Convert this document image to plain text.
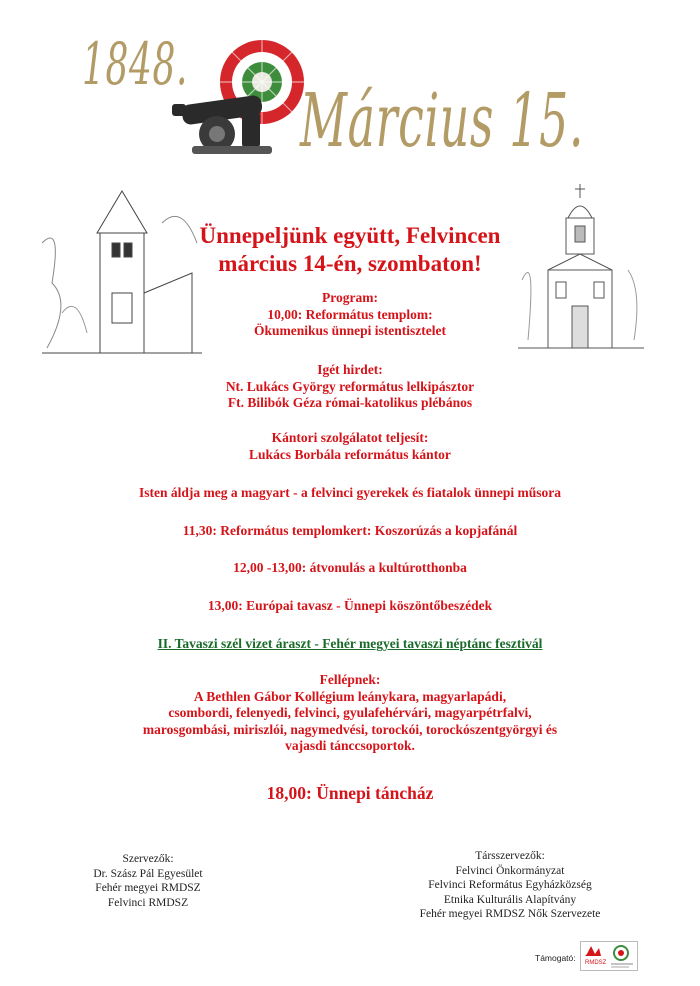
1848.
Március 15.
Ünnepeljünk együtt, Felvincen
március 14-én, szombaton!
Program:
10,00: Református templom:
Ökumenikus ünnepi istentisztelet
Igét hirdet:
Nt. Lukács György református lelkipásztor
Ft. Bilibók Géza római-katolikus plébános
Kántori szolgálatot teljesít:
Lukács Borbála református kántor
Isten áldja meg a magyart - a felvinci gyerekek és fiatalok ünnepi műsora
11,30: Református templomkert: Koszorúzás a kopjafánál
12,00 -13,00: átvonulás a kultúrotthonba
13,00: Európai tavasz - Ünnepi köszöntőbeszédek
II. Tavaszi szél vizet áraszt - Fehér megyei tavaszi néptánc fesztivál
Fellépnek:
A Bethlen Gábor Kollégium leánykara, magyarlapádi,
csombordi, felenyedi, felvinci, gyulafehérvári, magyarpétrfalvi,
marosgombási, miriszlói, nagymedvési, torockói, torockószentgyörgyi és
vajasdi tánccsoportok.
18,00: Ünnepi táncház
Szervezők:
Dr. Szász Pál Egyesület
Fehér megyei RMDSZ
Felvinci RMDSZ
Társszervezők:
Felvinci Önkormányzat
Felvinci Református Egyházközség
Etnika Kulturális Alapítvány
Fehér megyei RMDSZ Nők Szervezete
Támogató: RMDSZ
